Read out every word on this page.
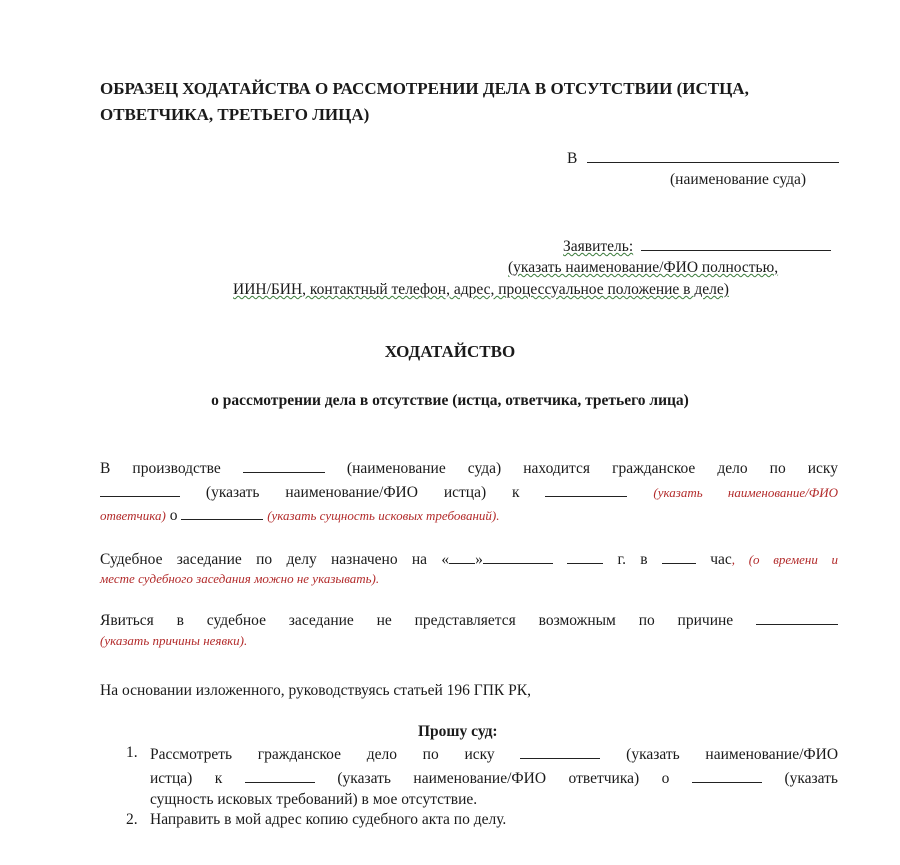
ОБРАЗЕЦ ХОДАТАЙСТВА О РАССМОТРЕНИИ ДЕЛА В ОТСУТСТВИИ (ИСТЦА, ОТВЕТЧИКА, ТРЕТЬЕГО ЛИЦА)
В
(наименование суда)
Заявитель:
(указать наименование/ФИО полностью,
ИИН/БИН, контактный телефон, адрес, процессуальное положение в деле)
ХОДАТАЙСТВО
о рассмотрении дела в отсутствие (истца, ответчика, третьего лица)
В производстве	(наименование суда) находится гражданское дело по иску
(указать наименование/ФИО истца) к	(указать наименование/ФИО
ответчика) о	(указать сущность исковых требований).
Судебное заседание по делу назначено на « »	г. в	час, (о времени и
месте судебного заседания можно не указывать).
Явиться в судебное заседание не представляется возможным по причине
(указать причины неявки).
На основании изложенного, руководствуясь статьей 196 ГПК РК,
Прошу суд:
1. Рассмотреть гражданское дело по иску	(указать наименование/ФИО
истца) к	(указать наименование/ФИО ответчика) о	(указать
сущность исковых требований) в мое отсутствие.
2. Направить в мой адрес копию судебного акта по делу.
